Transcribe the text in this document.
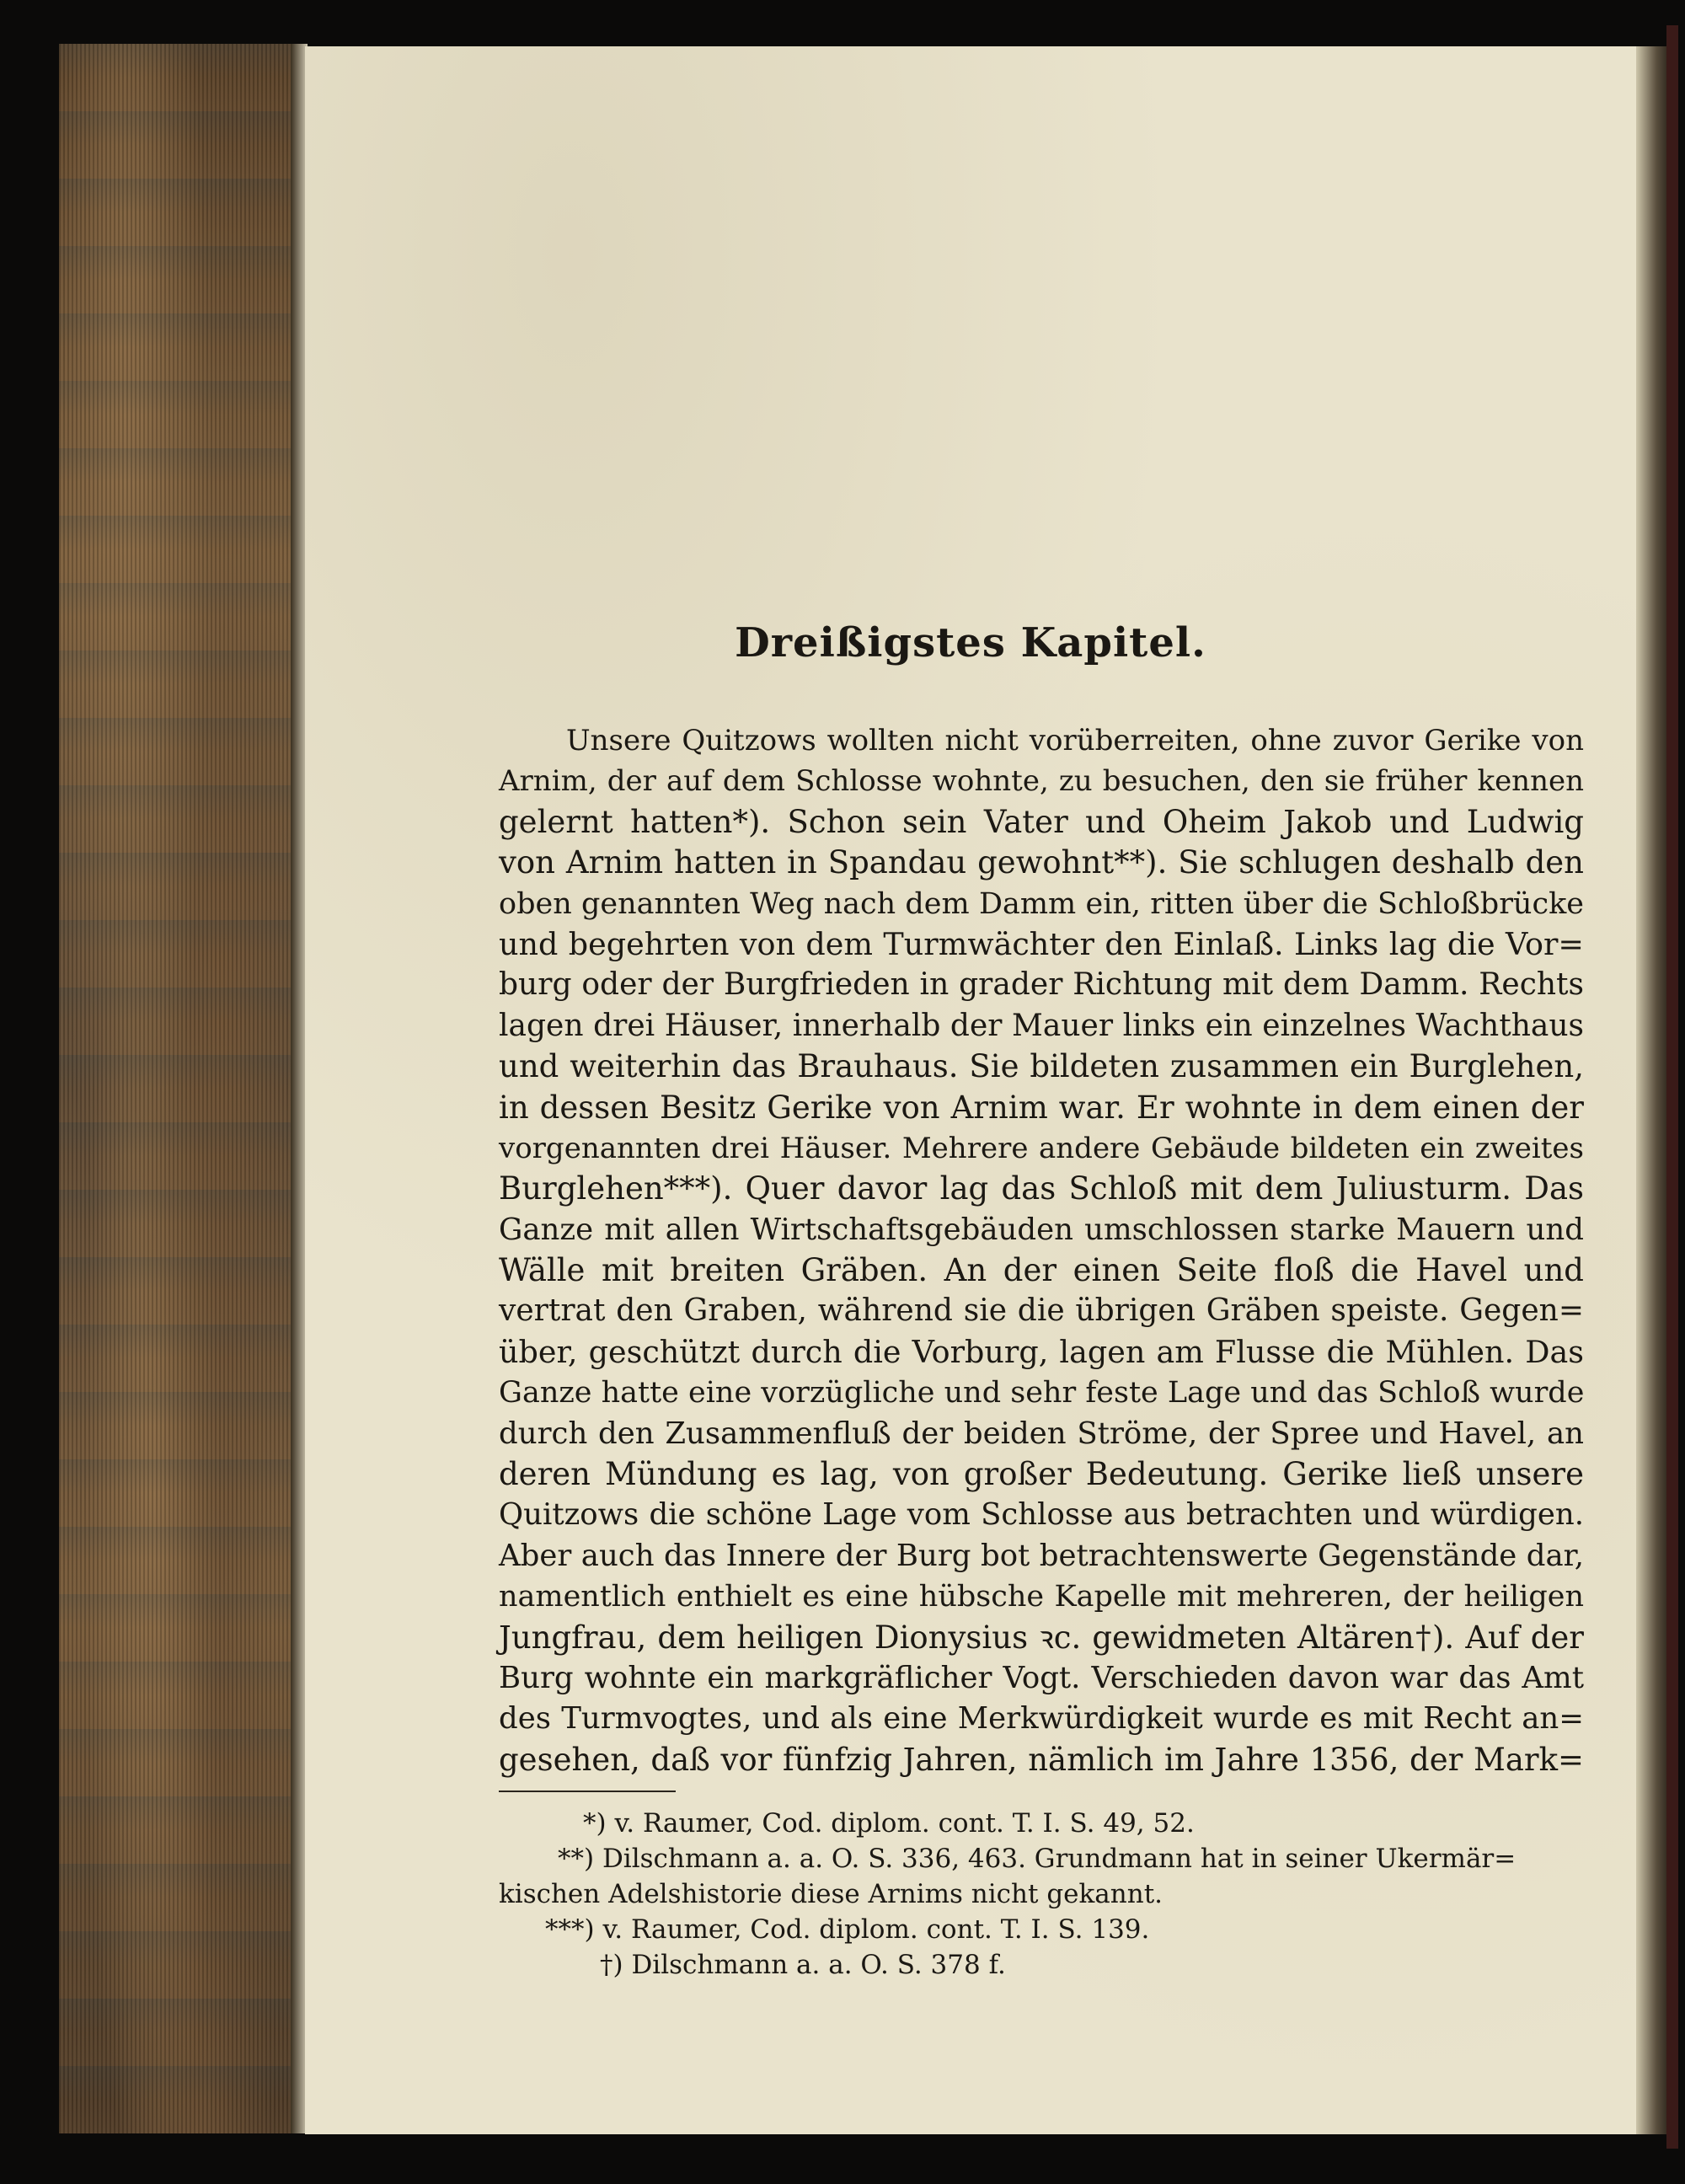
Dreißigstes Kapitel.
Unsere Quitzows wollten nicht vorüberreiten, ohne zuvor Gerike von
Arnim, der auf dem Schlosse wohnte, zu besuchen, den sie früher kennen
gelernt hatten*). Schon sein Vater und Oheim Jakob und Ludwig
von Arnim hatten in Spandau gewohnt**). Sie schlugen deshalb den
oben genannten Weg nach dem Damm ein, ritten über die Schloßbrücke
und begehrten von dem Turmwächter den Einlaß. Links lag die Vor=
burg oder der Burgfrieden in grader Richtung mit dem Damm. Rechts
lagen drei Häuser, innerhalb der Mauer links ein einzelnes Wachthaus
und weiterhin das Brauhaus. Sie bildeten zusammen ein Burglehen,
in dessen Besitz Gerike von Arnim war. Er wohnte in dem einen der
vorgenannten drei Häuser. Mehrere andere Gebäude bildeten ein zweites
Burglehen***). Quer davor lag das Schloß mit dem Juliusturm. Das
Ganze mit allen Wirtschaftsgebäuden umschlossen starke Mauern und
Wälle mit breiten Gräben. An der einen Seite floß die Havel und
vertrat den Graben, während sie die übrigen Gräben speiste. Gegen=
über, geschützt durch die Vorburg, lagen am Flusse die Mühlen. Das
Ganze hatte eine vorzügliche und sehr feste Lage und das Schloß wurde
durch den Zusammenfluß der beiden Ströme, der Spree und Havel, an
deren Mündung es lag, von großer Bedeutung. Gerike ließ unsere
Quitzows die schöne Lage vom Schlosse aus betrachten und würdigen.
Aber auch das Innere der Burg bot betrachtenswerte Gegenstände dar,
namentlich enthielt es eine hübsche Kapelle mit mehreren, der heiligen
Jungfrau, dem heiligen Dionysius ꝛc. gewidmeten Altären†). Auf der
Burg wohnte ein markgräflicher Vogt. Verschieden davon war das Amt
des Turmvogtes, und als eine Merkwürdigkeit wurde es mit Recht an=
gesehen, daß vor fünfzig Jahren, nämlich im Jahre 1356, der Mark=
*) v. Raumer, Cod. diplom. cont. T. I. S. 49, 52.
**) Dilschmann a. a. O. S. 336, 463. Grundmann hat in seiner Ukermär=
kischen Adelshistorie diese Arnims nicht gekannt.
***) v. Raumer, Cod. diplom. cont. T. I. S. 139.
†) Dilschmann a. a. O. S. 378 f.
